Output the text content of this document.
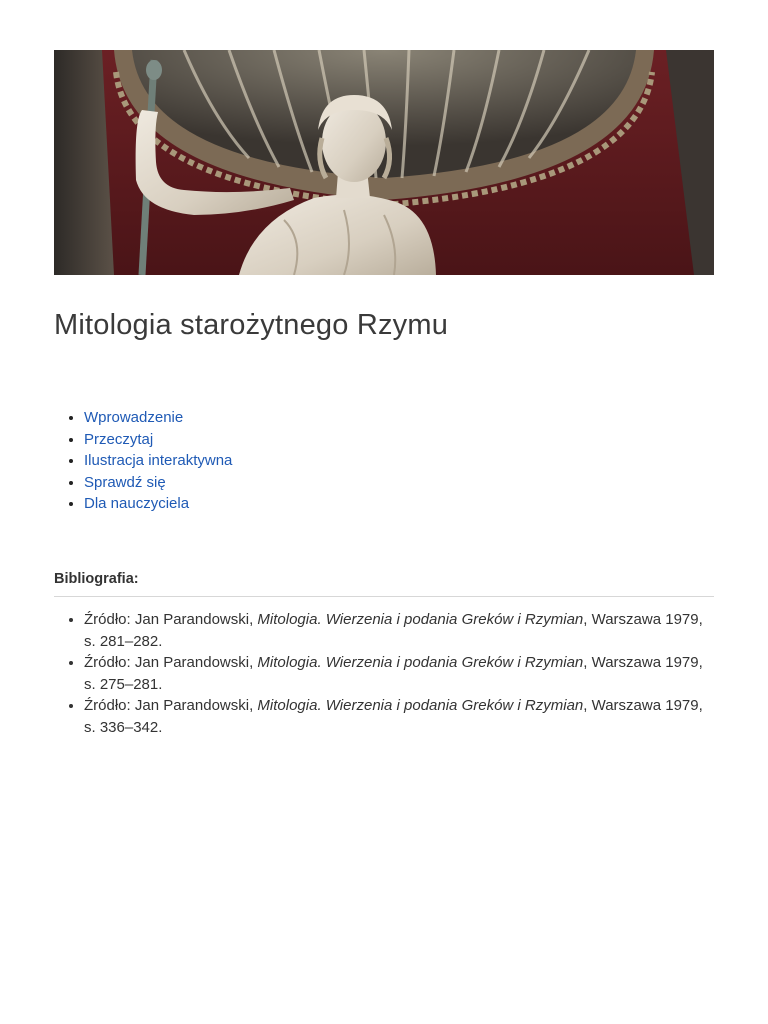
Mitologia starożytnego Rzymu
• Wprowadzenie
• Przeczytaj
• Ilustracja interaktywna
• Sprawdź się
• Dla nauczyciela
Bibliografia:
• Źródło: Jan Parandowski, Mitologia. Wierzenia i podania Greków i Rzymian, Warszawa 1979, s. 281–282.
• Źródło: Jan Parandowski, Mitologia. Wierzenia i podania Greków i Rzymian, Warszawa 1979, s. 275–281.
• Źródło: Jan Parandowski, Mitologia. Wierzenia i podania Greków i Rzymian, Warszawa 1979, s. 336–342.
